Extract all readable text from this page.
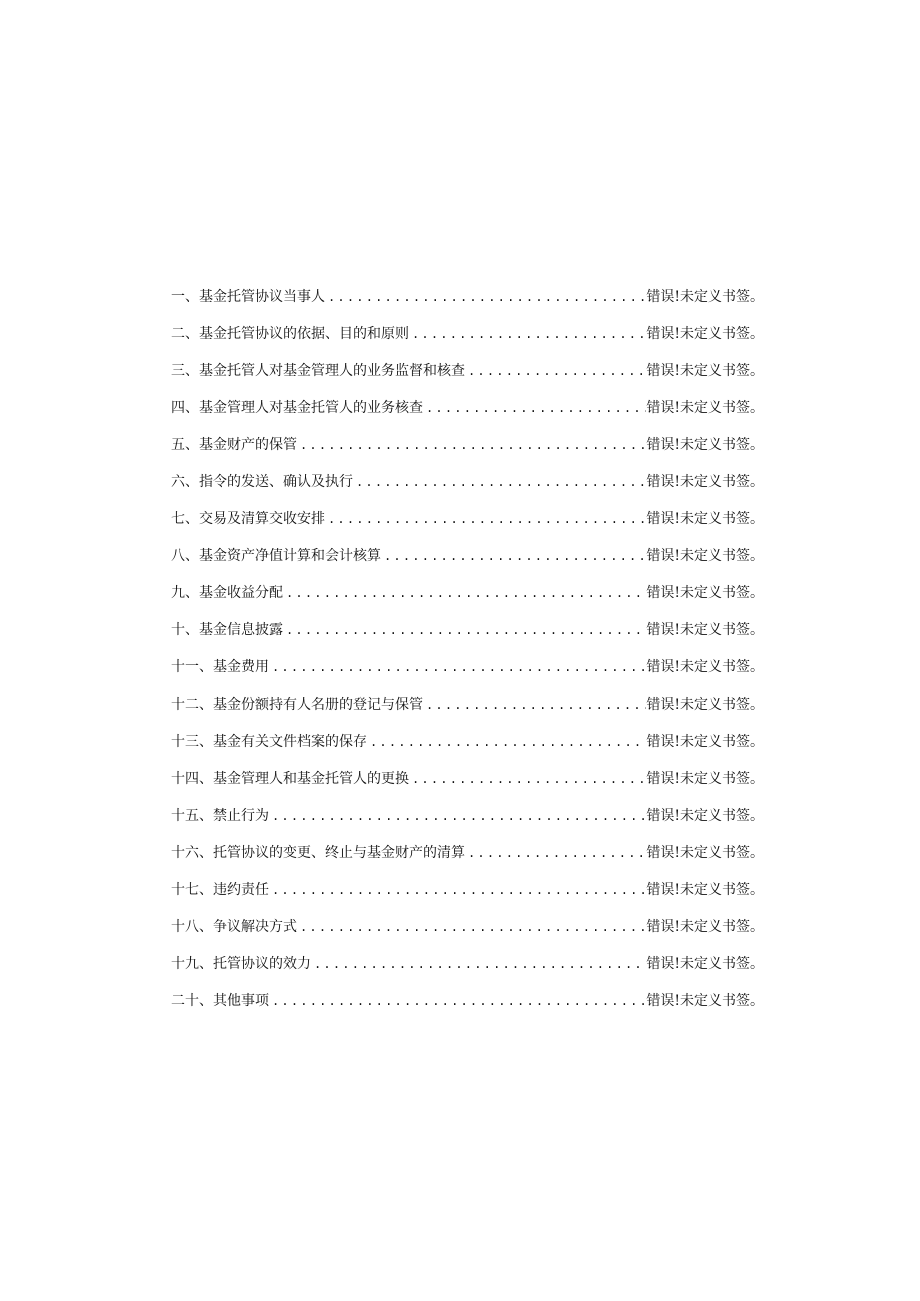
一、基金托管协议当事人 .....	错误!未定义书签。
二、基金托管协议的依据、目的和原则 .....	错误!未定义书签。
三、基金托管人对基金管理人的业务监督和核查 .....	错误!未定义书签。
四、基金管理人对基金托管人的业务核查 .....	错误!未定义书签。
五、基金财产的保管 .....	错误!未定义书签。
六、指令的发送、确认及执行 .....	错误!未定义书签。
七、交易及清算交收安排 .....	错误!未定义书签。
八、基金资产净值计算和会计核算 .....	错误!未定义书签。
九、基金收益分配 .....	错误!未定义书签。
十、基金信息披露 .....	错误!未定义书签。
十一、基金费用 .....	错误!未定义书签。
十二、基金份额持有人名册的登记与保管 .....	错误!未定义书签。
十三、基金有关文件档案的保存 .....	错误!未定义书签。
十四、基金管理人和基金托管人的更换 .....	错误!未定义书签。
十五、禁止行为 .....	错误!未定义书签。
十六、托管协议的变更、终止与基金财产的清算 .....	错误!未定义书签。
十七、违约责任 .....	错误!未定义书签。
十八、争议解决方式 .....	错误!未定义书签。
十九、托管协议的效力 .....	错误!未定义书签。
二十、其他事项 .....	错误!未定义书签。
